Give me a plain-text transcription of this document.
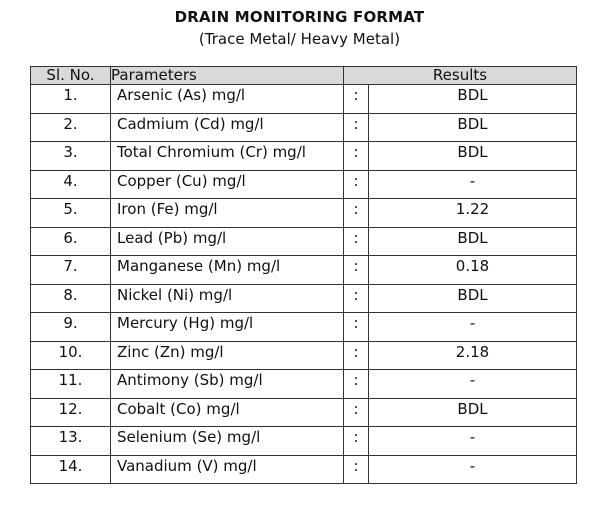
DRAIN MONITORING FORMAT
(Trace Metal/ Heavy Metal)
Sl. No.	Parameters	Results	
1.	Arsenic (As) mg/l	:	BDL
2.	Cadmium (Cd) mg/l	:	BDL
3.	Total Chromium (Cr) mg/l	:	BDL
4.	Copper (Cu) mg/l	:	-
5.	Iron (Fe) mg/l	:	1.22
6.	Lead (Pb) mg/l	:	BDL
7.	Manganese (Mn) mg/l	:	0.18
8.	Nickel (Ni) mg/l	:	BDL
9.	Mercury (Hg) mg/l	:	-
10.	Zinc (Zn) mg/l	:	2.18
11.	Antimony (Sb) mg/l	:	-
12.	Cobalt (Co) mg/l	:	BDL
13.	Selenium (Se) mg/l	:	-
14.	Vanadium (V) mg/l	:	-
